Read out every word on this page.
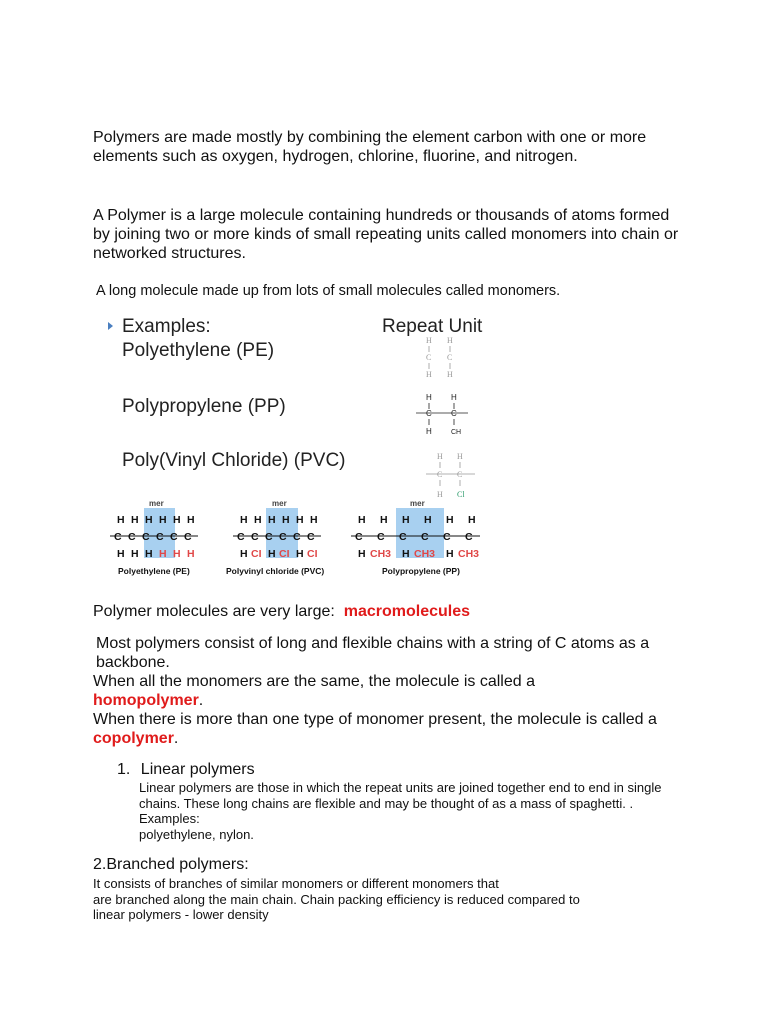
Polymers are made mostly by combining the element carbon with one or more elements such as oxygen, hydrogen, chlorine, fluorine, and nitrogen.
A Polymer is a large molecule containing hundreds or thousands of atoms formed by joining two or more kinds of small repeating units called monomers into chain or networked structures.
A long molecule made up from lots of small molecules called monomers.
Examples:	Repeat Unit
Polyethylene (PE)
Polypropylene (PP)
Poly(Vinyl Chloride) (PVC)
H H
C C
H H
H H
C C
H	CH
H H
C C
H Cl
mer
H H H H H H
C C C C C C
H H H H H H
Polyethylene (PE)
mer
H H H H H H
C C C C C C
H CI H CI H CI
Polyvinyl chloride (PVC)
mer
H H H H H H
C C C C C C
H CH3 H CH3 H CH3
Polypropylene (PP)
Polymer molecules are very large:  macromolecules
Most polymers consist of long and flexible chains with a string of C atoms as a backbone.
When all the monomers are the same, the molecule is called a
homopolymer.
When there is more than one type of monomer present, the molecule is called a copolymer.
1. Linear polymers
Linear polymers are those in which the repeat units are joined together end to end in single chains. These long chains are flexible and may be thought of as a mass of spaghetti. . Examples:
polyethylene, nylon.
2.Branched polymers:
It consists of branches of similar monomers or different monomers that
are branched along the main chain. Chain packing efficiency is reduced compared to
linear polymers - lower density
